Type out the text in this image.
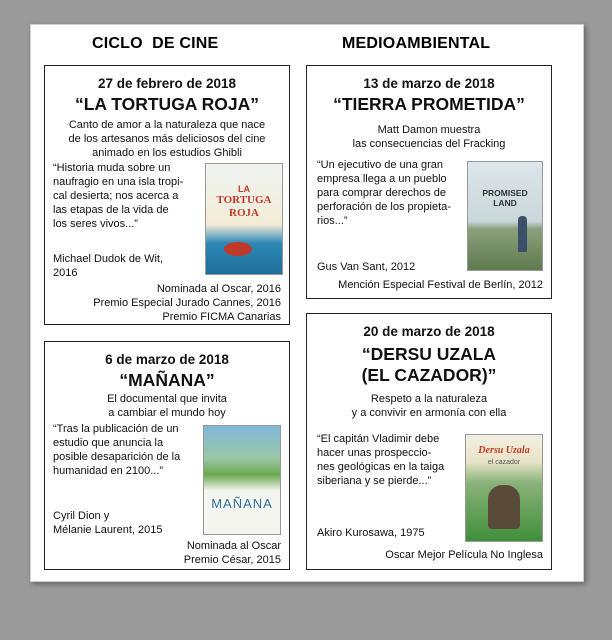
CICLO  DE CINE	MEDIOAMBIENTAL
27 de febrero de 2018
“LA TORTUGA ROJA”
Canto de amor a la naturaleza que nace
de los artesanos más deliciosos del cine
animado en los estudios Ghibli
“Historia muda sobre un
naufragio en una isla tropi-
cal desierta; nos acerca a
las etapas de la vida de
los seres vivos...”
Michael Dudok de Wit,
2016
Nominada al Oscar, 2016
Premio Especial Jurado Cannes, 2016
Premio FICMA Canarias
LA
TORTUGA
ROJA
13 de marzo de 2018
“TIERRA PROMETIDA”
Matt Damon muestra
las consecuencias del Fracking
“Un ejecutivo de una gran
empresa llega a un pueblo
para comprar derechos de
perforación de los propieta-
rios...”
Gus Van Sant, 2012
Mención Especial Festival de Berlín, 2012
PROMISED
LAND
6 de marzo de 2018
“MAÑANA”
El documental que invita
a cambiar el mundo hoy
“Tras la publicación de un
estudio que anuncia la
posible desaparición de la
humanidad en 2100...”
Cyril Dion y
Mélanie Laurent, 2015
Nominada al Oscar
Premio César, 2015
MAÑANA
20 de marzo de 2018
“DERSU UZALA
(EL CAZADOR)”
Respeto a la naturaleza
y a convivir en armonía con ella
“El capitán Vladimir debe
hacer unas prospeccio-
nes geológicas en la taiga
siberiana y se pierde...”
Akiro Kurosawa, 1975
Oscar Mejor Película No Inglesa
Dersu Uzala
el cazador
